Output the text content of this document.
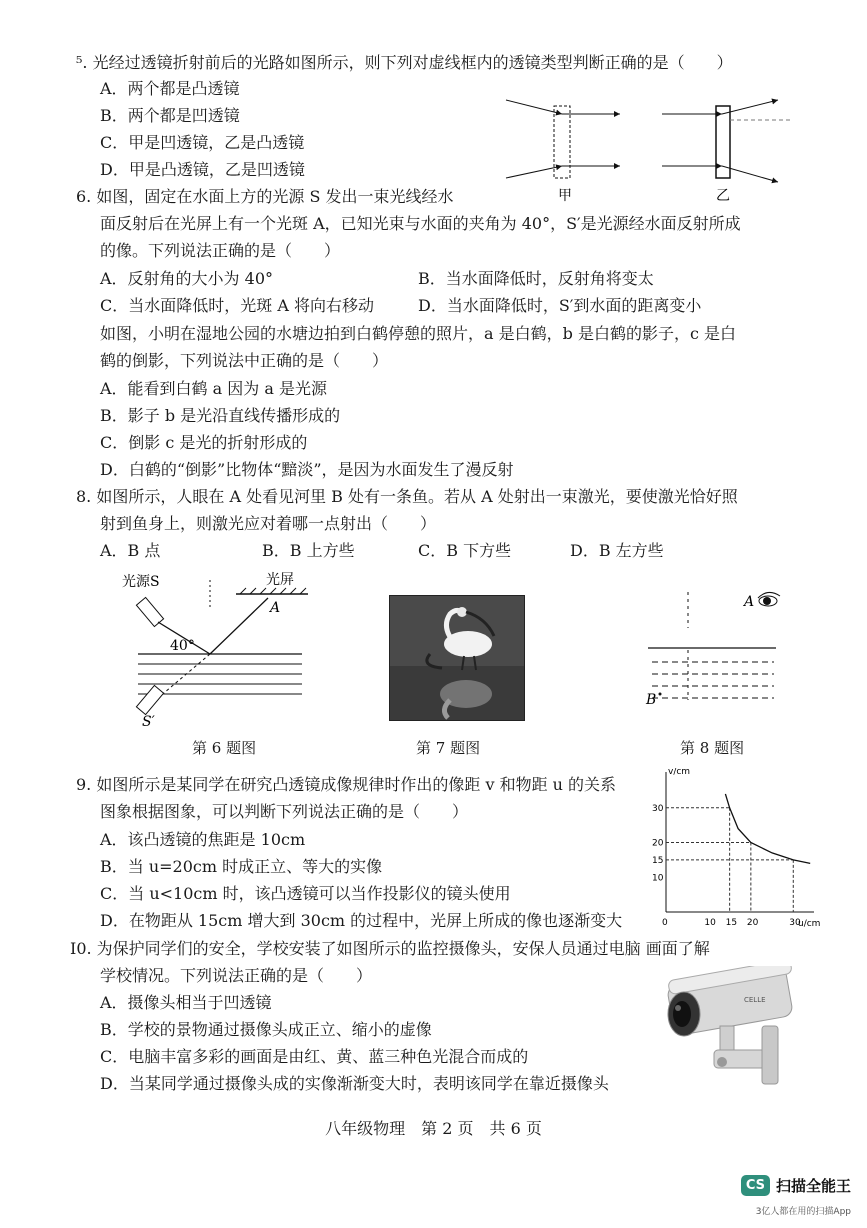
⁵. 光经过透镜折射前后的光路如图所示，则下列对虚线框内的透镜类型判断正确的是（　　）
A．两个都是凸透镜
B．两个都是凹透镜
C．甲是凹透镜，乙是凸透镜
D．甲是凸透镜，乙是凹透镜
甲	乙
6. 如图，固定在水面上方的光源 S 发出一束光线经水
面反射后在光屏上有一个光斑 A，已知光束与水面的夹角为 40°，S′是光源经水面反射所成
的像。下列说法正确的是（　　）
A．反射角的大小为 40°	B．当水面降低时，反射角将变太
C．当水面降低时，光斑 A 将向右移动	D．当水面降低时，S′到水面的距离变小
如图，小明在湿地公园的水塘边拍到白鹤停憩的照片，a 是白鹤，b 是白鹤的影子，c 是白
鹤的倒影，下列说法中正确的是（　　）
A．能看到白鹤 a 因为 a 是光源
B．影子 b 是光沿直线传播形成的
C．倒影 c 是光的折射形成的
D．白鹤的“倒影”比物体“黯淡”，是因为水面发生了漫反射
8. 如图所示，人眼在 A 处看见河里 B 处有一条鱼。若从 A 处射出一束激光，要使激光恰好照
射到鱼身上，则激光应对着哪一点射出（　　）
A．B 点	B．B 上方些	C．B 下方些	D．B 左方些
光源S	光屏
A
40°
S′
第 6 题图	第 7 题图
A
B
第 8 题图
9. 如图所示是某同学在研究凸透镜成像规律时作出的像距 v 和物距 u 的关系
图象根据图象，可以判断下列说法正确的是（　　）
A．该凸透镜的焦距是 10cm
B．当 u=20cm 时成正立、等大的实像
C．当 u<10cm 时，该凸透镜可以当作投影仪的镜头使用
D．在物距从 15cm 增大到 30cm 的过程中，光屏上所成的像也逐渐变大
v/cm
u/cm
0	10 15 20	30
10
15
20
30
I0. 为保护同学们的安全，学校安装了如图所示的监控摄像头，安保人员通过电脑 画面了解
学校情况。下列说法正确的是（　　）
A．摄像头相当于凹透镜
B．学校的景物通过摄像头成正立、缩小的虚像
C．电脑丰富多彩的画面是由红、黄、蓝三种色光混合而成的
D．当某同学通过摄像头成的实像渐渐变大时，表明该同学在靠近摄像头
CELLE
八年级物理　第 2 页　共 6 页
CS 扫描全能王
3亿人都在用的扫描App
